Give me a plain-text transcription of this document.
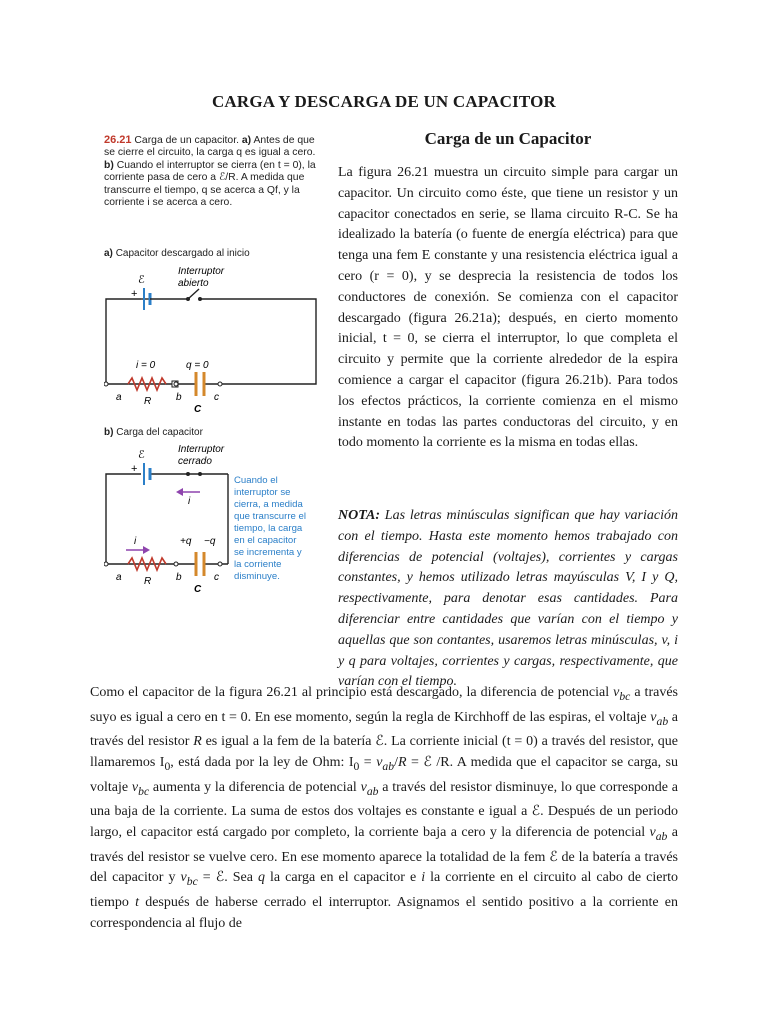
CARGA Y DESCARGA DE UN CAPACITOR
Carga de un Capacitor

26.21 Carga de un capacitor. a) Antes de que se cierre el circuito, la carga q es igual a cero. b) Cuando el interruptor se cierra (en t = 0), la corriente pasa de cero a ℰ/R. A medida que transcurre el tiempo, q se acerca a Qf, y la corriente i se acerca a cero.

a) Capacitor descargado al inicio
b) Carga del capacitor
ℰ
+
Interruptor
abierto
i = 0	q = 0
a R b	c
C
ℰ
+
Interruptor
cerrado
i
i	+q −q
a R b	c
C
Cuando el
interruptor se
cierra, a medida
que transcurre el
tiempo, la carga
en el capacitor
se incrementa y
la corriente
disminuye.

La figura 26.21 muestra un circuito simple para cargar un capacitor. Un circuito como éste, que tiene un resistor y un capacitor conectados en serie, se llama circuito R-C. Se ha idealizado la batería (o fuente de energía eléctrica) para que tenga una fem E constante y una resistencia eléctrica igual a cero (r = 0), y se desprecia la resistencia de todos los conductores de conexión. Se comienza con el capacitor descargado (figura 26.21a); después, en cierto momento inicial, t = 0, se cierra el interruptor, lo que completa el circuito y permite que la corriente alrededor de la espira comience a cargar el capacitor (figura 26.21b). Para todos los efectos prácticos, la corriente comienza en el mismo instante en todas las partes conductoras del circuito, y en todo momento la corriente es la misma en todas ellas.

NOTA: Las letras minúsculas significan que hay variación con el tiempo. Hasta este momento hemos trabajado con diferencias de potencial (voltajes), corrientes y cargas constantes, y hemos utilizado letras mayúsculas V, I y Q, respectivamente, para denotar esas cantidades. Para diferenciar entre cantidades que varían con el tiempo y aquellas que son contantes, usaremos letras minúsculas, v, i y q para voltajes, corrientes y cargas, respectivamente, que varían con el tiempo.

Como el capacitor de la figura 26.21 al principio está descargado, la diferencia de potencial $v_{bc}$ a través suyo es igual a cero en t = 0. En ese momento, según la regla de Kirchhoff de las espiras, el voltaje $v_{ab}$ a través del resistor R es igual a la fem de la batería ℰ. La corriente inicial (t = 0) a través del resistor, que llamaremos $I_0$, está dada por la ley de Ohm: $I_0 = v_{ab}/R$ = ℰ /R. A medida que el capacitor se carga, su voltaje $v_{bc}$ aumenta y la diferencia de potencial $v_{ab}$ a través del resistor disminuye, lo que corresponde a una baja de la corriente. La suma de estos dos voltajes es constante e igual a ℰ. Después de un periodo largo, el capacitor está cargado por completo, la corriente baja a cero y la diferencia de potencial $v_{ab}$ a través del resistor se vuelve cero. En ese momento aparece la totalidad de la fem ℰ de la batería a través del capacitor y $v_{bc}$ = ℰ. Sea q la carga en el capacitor e i la corriente en el circuito al cabo de cierto tiempo t después de haberse cerrado el interruptor. Asignamos el sentido positivo a la corriente en correspondencia al flujo de
